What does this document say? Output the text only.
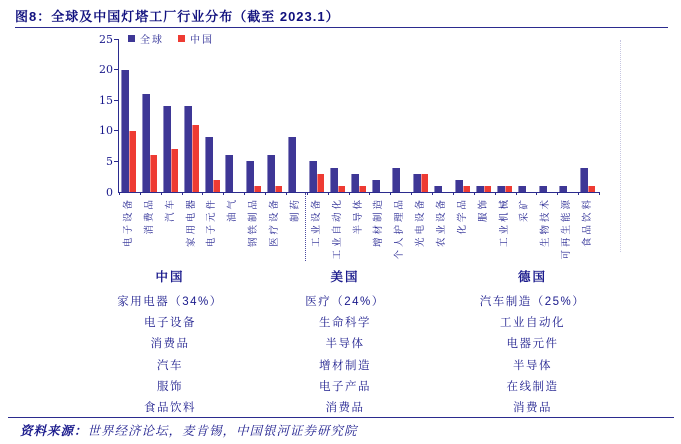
图8：全球及中国灯塔工厂行业分布（截至 2023.1）
0
5
10
15
20
25	全球	中国
电子设备 消费品 汽车 家用电器 电子元件 油气 钢铁制品 医疗设备 制药 工业设备 工业自动化 半导体 增材制造 个人护理品 光电设备 农业设备 化学品 服饰 工业机械 采矿 生物技术 可再生能源 食品饮料
中国
家用电器（34%）
电子设备
消费品
汽车
服饰
食品饮料
美国
医疗（24%）
生命科学
半导体
增材制造
电子产品
消费品
德国
汽车制造（25%）
工业自动化
电器元件
半导体
在线制造
消费品
资料来源：世界经济论坛，麦肯锡，中国银河证券研究院
